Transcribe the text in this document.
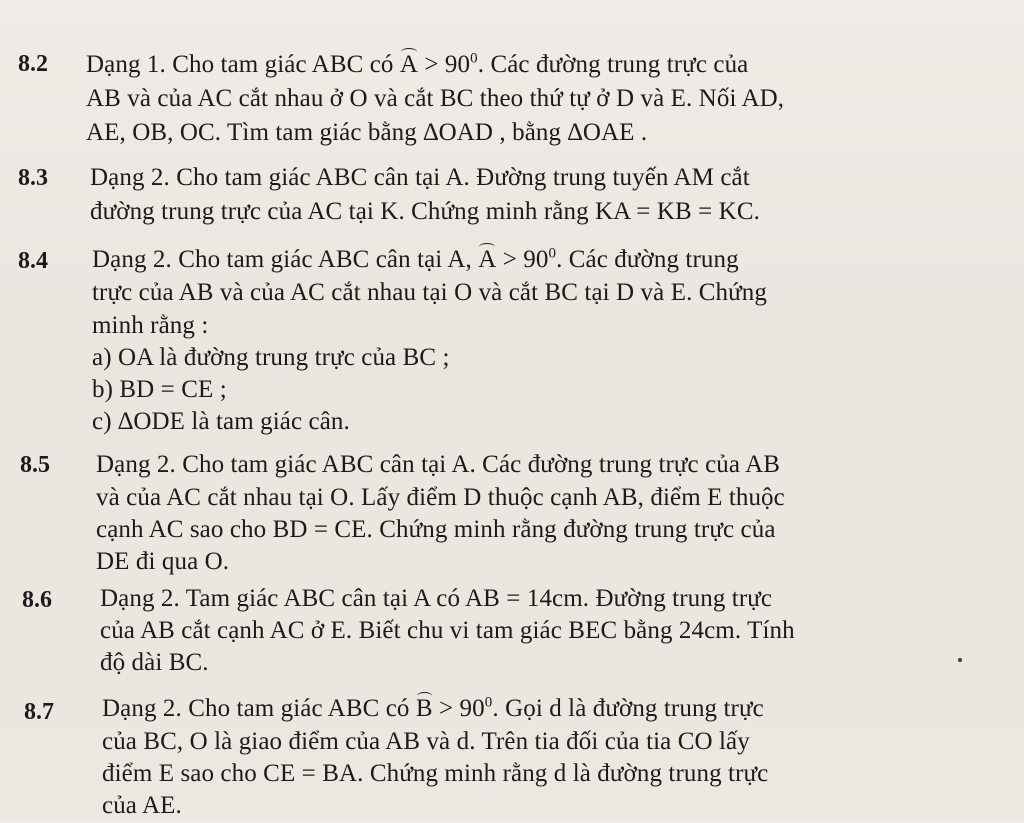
8.2 Dạng 1. Cho tam giác ABC có $A > 90^0$. Các đường trung trực của
AB và của AC cắt nhau ở O và cắt BC theo thứ tự ở D và E. Nối AD,
AE, OB, OC. Tìm tam giác bằng ∆OAD , bằng ∆OAE .
8.3 Dạng 2. Cho tam giác ABC cân tại A. Đường trung tuyến AM cắt
đường trung trực của AC tại K. Chứng minh rằng KA = KB = KC.
8.4 Dạng 2. Cho tam giác ABC cân tại A, $A > 90^0$. Các đường trung
trực của AB và của AC cắt nhau tại O và cắt BC tại D và E. Chứng
minh rằng :
a) OA là đường trung trực của BC ;
b) BD = CE ;
c) ∆ODE là tam giác cân.
8.5 Dạng 2. Cho tam giác ABC cân tại A. Các đường trung trực của AB
và của AC cắt nhau tại O. Lấy điểm D thuộc cạnh AB, điểm E thuộc
cạnh AC sao cho BD = CE. Chứng minh rằng đường trung trực của
DE đi qua O.
8.6 Dạng 2. Tam giác ABC cân tại A có AB = 14cm. Đường trung trực
của AB cắt cạnh AC ở E. Biết chu vi tam giác BEC bằng 24cm. Tính
độ dài BC.
8.7 Dạng 2. Cho tam giác ABC có $B > 90^0$. Gọi d là đường trung trực
của BC, O là giao điểm của AB và d. Trên tia đối của tia CO lấy
điểm E sao cho CE = BA. Chứng minh rằng d là đường trung trực
của AE.
